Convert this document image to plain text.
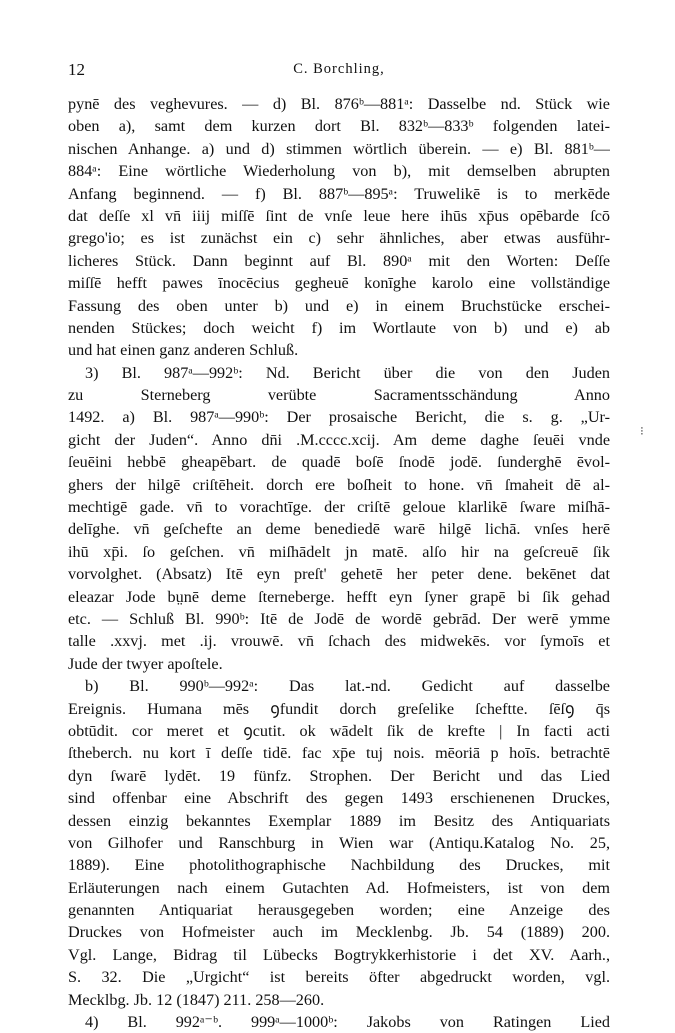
12	C. Borchling,
pynē des veghevures. — d) Bl. 876ᵇ—881ᵃ: Dasselbe nd. Stück wie
oben a), samt dem kurzen dort Bl. 832ᵇ—833ᵇ folgenden latei-
nischen Anhange. a) und d) stimmen wörtlich überein. — e) Bl. 881ᵇ—
884ᵃ: Eine wörtliche Wiederholung von b), mit demselben abrupten
Anfang beginnend. — f) Bl. 887ᵇ—895ᵃ: Truwelikē is to merkēde
dat deſſe xl vn̄ iiij miſſē ſint de vnſe leue here ihūs xp̄us opēbarde ſcō
grego'io; es ist zunächst ein c) sehr ähnliches, aber etwas ausführ-
licheres Stück. Dann beginnt auf Bl. 890ᵃ mit den Worten: Deſſe
miſſē hefft pawes īnocēcius gegheuē konīghe karolo eine vollständige
Fassung des oben unter b) und e) in einem Bruchstücke erschei-
nenden Stückes; doch weicht f) im Wortlaute von b) und e) ab
und hat einen ganz anderen Schluß.
3) Bl. 987ᵃ—992ᵇ: Nd. Bericht über die von den Juden
zu Sterneberg verübte Sacramentsschändung Anno
1492. a) Bl. 987ᵃ—990ᵇ: Der prosaische Bericht, die s. g. „Ur-
gicht der Juden“. Anno dn̄i .M.cccc.xcij. Am deme daghe ſeuēi vnde
ſeuēini hebbē gheapēbart. de quadē boſē ſnodē jodē. ſunderghē ēvol-
ghers der hilgē criſtēheit. dorch ere boſheit to hone. vn̄ ſmaheit dē al-
mechtigē gade. vn̄ to vorachtīge. der criſtē geloue klarlikē ſware miſhā-
delīghe. vn̄ geſchefte an deme benediedē warē hilgē lichā. vnſes herē
ihū xp̄i. ſo geſchen. vn̄ miſhādelt jn matē. alſo hir na geſcreuē ſik
vorvolghet. (Absatz) Itē eyn preſt' gehetē her peter dene. bekēnet dat
eleazar Jode bṳnē deme ſterneberge. hefft eyn ſyner grapē bi ſik gehad
etc. — Schluß Bl. 990ᵇ: Itē de Jodē de wordē gebrād. Der werē ymme
talle .xxvj. met .ij. vrouwē. vn̄ ſchach des midwekēs. vor ſymoīs et
Jude der twyer apoſtele.
b) Bl. 990ᵇ—992ᵃ: Das lat.-nd. Gedicht auf dasselbe
Ereignis. Humana mēs ꝯfundit dorch greſelike ſcheftte. ſēſꝯ q̄s
obtūdit. cor meret et ꝯcutit. ok wādelt ſik de krefte | In facti acti
ſtheberch. nu kort ī deſſe tidē. fac xp̄e tuj nois. mēoriā p hoīs. betrachtē
dyn ſwarē lydēt. 19 fünfz. Strophen. Der Bericht und das Lied
sind offenbar eine Abschrift des gegen 1493 erschienenen Druckes,
dessen einzig bekanntes Exemplar 1889 im Besitz des Antiquariats
von Gilhofer und Ranschburg in Wien war (Antiqu.Katalog No. 25,
1889). Eine photolithographische Nachbildung des Druckes, mit
Erläuterungen nach einem Gutachten Ad. Hofmeisters, ist von dem
genannten Antiquariat herausgegeben worden; eine Anzeige des
Druckes von Hofmeister auch im Mecklenbg. Jb. 54 (1889) 200.
Vgl. Lange, Bidrag til Lübecks Bogtrykkerhistorie i det XV. Aarh.,
S. 32. Die „Urgicht“ ist bereits öfter abgedruckt worden, vgl.
Mecklbg. Jb. 12 (1847) 211. 258—260.
4) Bl. 992ᵃ⁻ᵇ. 999ᵃ—1000ᵇ: Jakobs von Ratingen Lied
⁝
